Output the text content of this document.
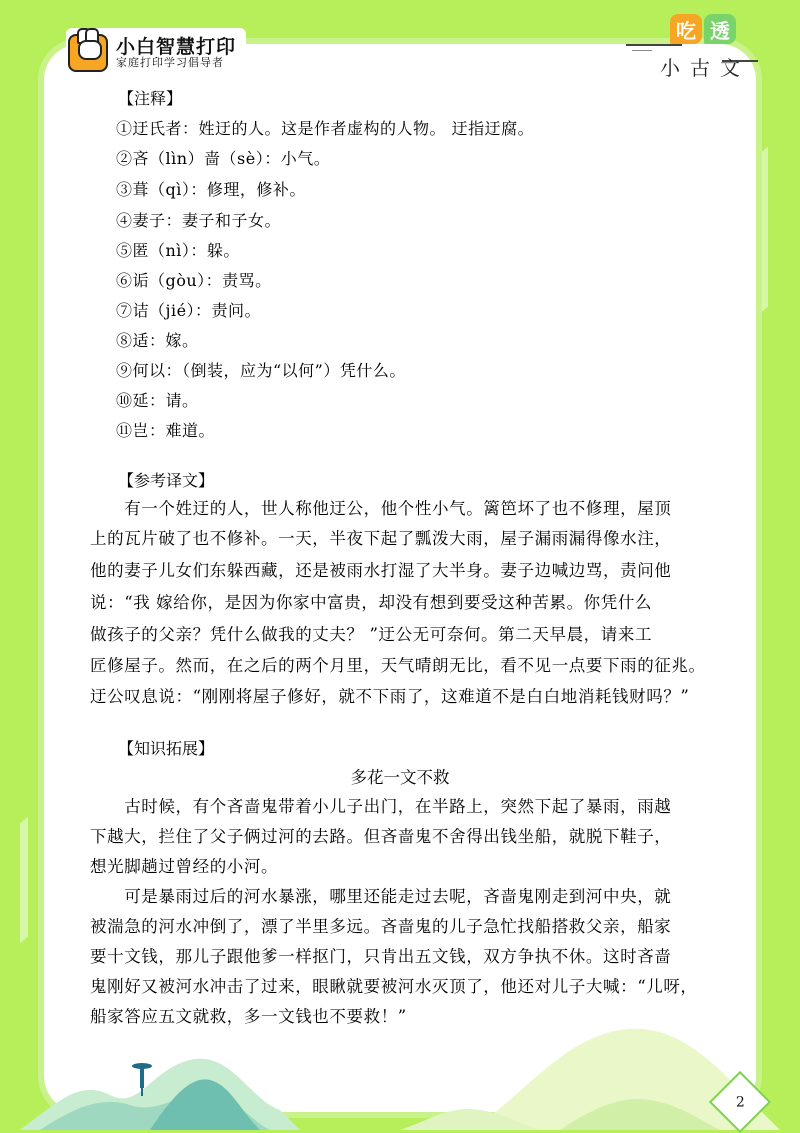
小白智慧打印
家庭打印学习倡导者
吃 透
小古文
【注释】
①迂氏者：姓迂的人。这是作者虚构的人物。 迂指迂腐。
②吝（lìn）啬（sè）：小气。
③葺（qì）：修理，修补。
④妻子：妻子和子女。
⑤匿（nì）：躲。
⑥诟（gòu）：责骂。
⑦诘（jié）：责问。
⑧适：嫁。
⑨何以：（倒装，应为“以何”）凭什么。
⑩延：请。
⑪岂：难道。
【参考译文】
　　有一个姓迂的人，世人称他迂公，他个性小气。篱笆坏了也不修理，屋顶
上的瓦片破了也不修补。一天，半夜下起了瓢泼大雨，屋子漏雨漏得像水注，
他的妻子儿女们东躲西藏，还是被雨水打湿了大半身。妻子边喊边骂，责问他
说：“我 嫁给你，是因为你家中富贵，却没有想到要受这种苦累。你凭什么
做孩子的父亲？凭什么做我的丈夫？ ”迂公无可奈何。第二天早晨，请来工
匠修屋子。然而，在之后的两个月里，天气晴朗无比，看不见一点要下雨的征兆。
迂公叹息说：“刚刚将屋子修好，就不下雨了，这难道不是白白地消耗钱财吗？”
【知识拓展】
多花一文不救
　　古时候，有个吝啬鬼带着小儿子出门，在半路上，突然下起了暴雨，雨越
下越大，拦住了父子俩过河的去路。但吝啬鬼不舍得出钱坐船，就脱下鞋子，
想光脚趟过曾经的小河。
　　可是暴雨过后的河水暴涨，哪里还能走过去呢，吝啬鬼刚走到河中央，就
被湍急的河水冲倒了，漂了半里多远。吝啬鬼的儿子急忙找船搭救父亲，船家
要十文钱，那儿子跟他爹一样抠门，只肯出五文钱，双方争执不休。这时吝啬
鬼刚好又被河水冲击了过来，眼瞅就要被河水灭顶了，他还对儿子大喊：“儿呀，
船家答应五文就救，多一文钱也不要救！”
2
